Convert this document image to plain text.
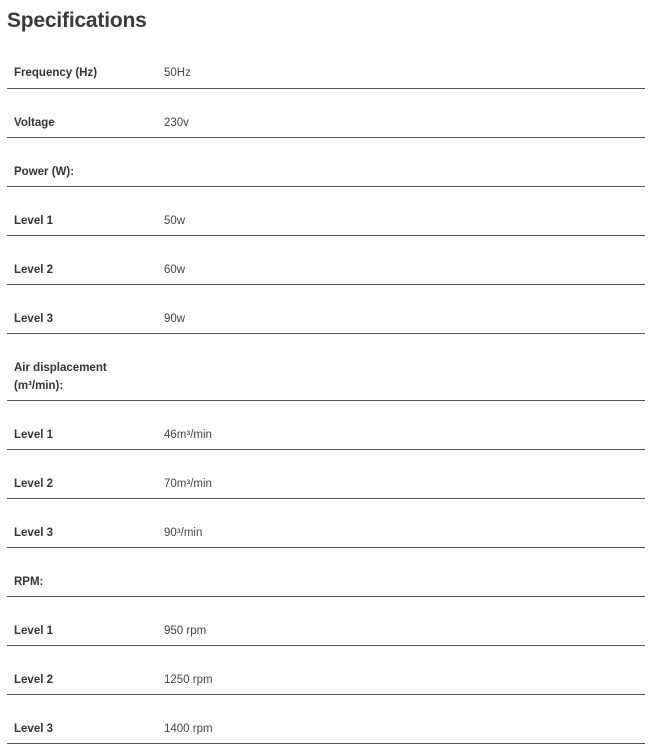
Specifications
Frequency (Hz)	50Hz
Voltage	230v
Power (W):
Level 1	50w
Level 2	60w
Level 3	90w
Air displacement (m³/min):
Level 1	46m³/min
Level 2	70m³/min
Level 3	90³/min
RPM:
Level 1	950 rpm
Level 2	1250 rpm
Level 3	1400 rpm
